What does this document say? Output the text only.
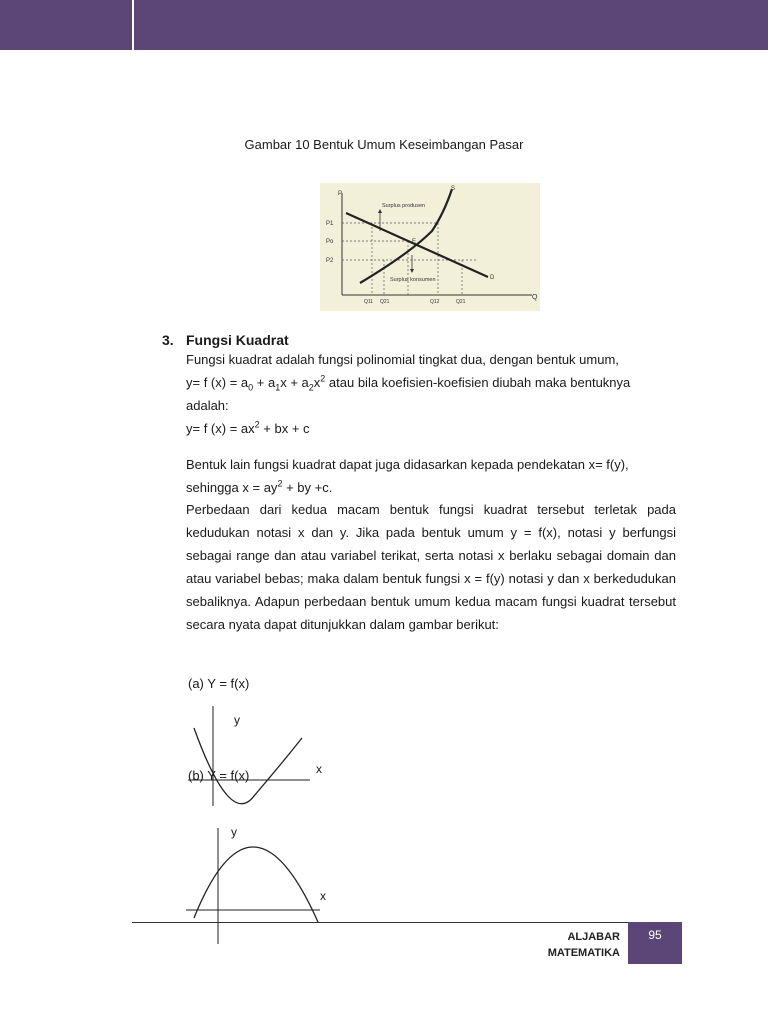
Gambar 10 Bentuk Umum Keseimbangan Pasar
P
Q
P1
Po
P2
S
D
E
Surplus produsen
Surplus konsumen
Q11 Q21	Q12	Q21
3. Fungsi Kuadrat

Fungsi kuadrat adalah fungsi polinomial tingkat dua, dengan bentuk umum,

y= f $(x) = a_0 + a_1x + a_2x^2$ atau bila koefisien-koefisien diubah maka bentuknya

adalah:

y= f $(x) = ax^2$ + bx + c

Bentuk lain fungsi kuadrat dapat juga didasarkan kepada pendekatan x= f(y),

sehingga $x = ay^2$ + by +c.

Perbedaan dari kedua macam bentuk fungsi kuadrat tersebut terletak pada kedudukan notasi x dan y. Jika pada bentuk umum y = f(x), notasi y berfungsi sebagai range dan atau variabel terikat, serta notasi x berlaku sebagai domain dan atau variabel bebas; maka dalam bentuk fungsi x = f(y) notasi y dan x berkedudukan sebaliknya. Adapun perbedaan bentuk umum kedua macam fungsi kuadrat tersebut secara nyata dapat ditunjukkan dalam gambar berikut:

(a) Y = f(x)
y
x
(b) Y = f(x)
y
x
ALJABAR
MATEMATIKA
95
